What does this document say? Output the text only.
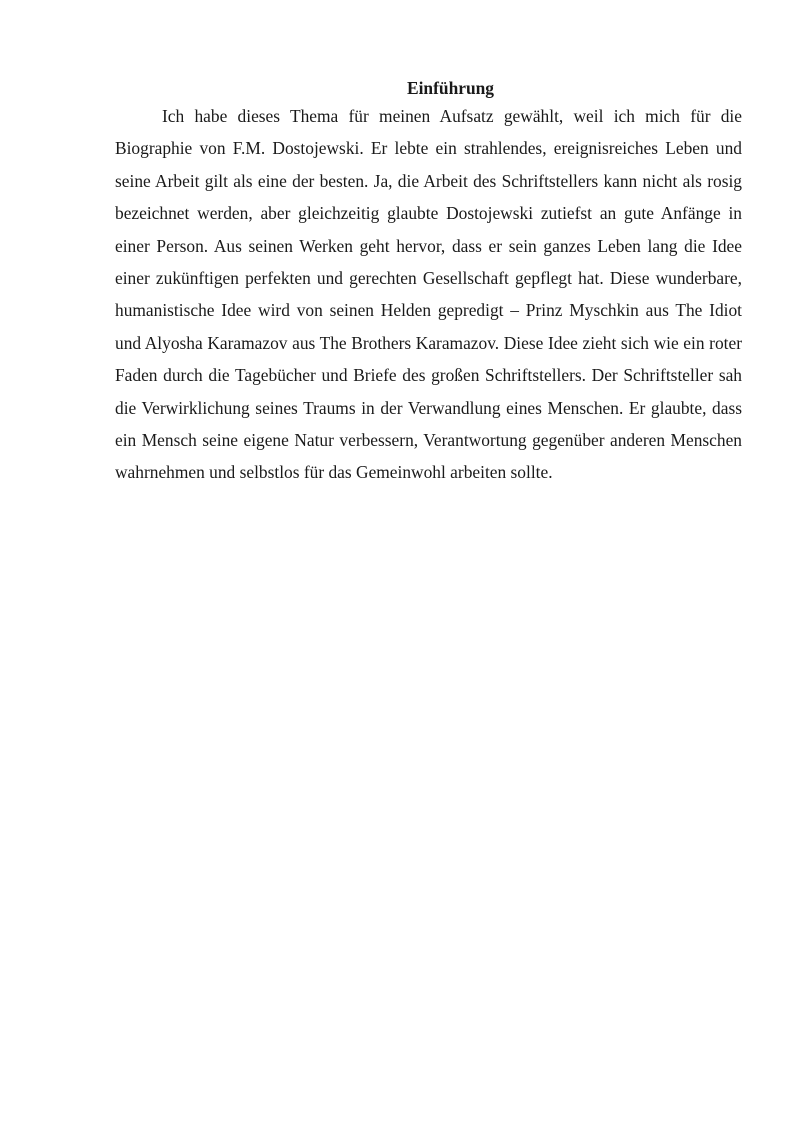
Einführung

Ich habe dieses Thema für meinen Aufsatz gewählt, weil ich mich für die Biographie von F.M. Dostojewski. Er lebte ein strahlendes, ereignisreiches Leben und seine Arbeit gilt als eine der besten. Ja, die Arbeit des Schriftstellers kann nicht als rosig bezeichnet werden, aber gleichzeitig glaubte Dostojewski zutiefst an gute Anfänge in einer Person. Aus seinen Werken geht hervor, dass er sein ganzes Leben lang die Idee einer zukünftigen perfekten und gerechten Gesellschaft gepflegt hat. Diese wunderbare, humanistische Idee wird von seinen Helden gepredigt – Prinz Myschkin aus The Idiot und Alyosha Karamazov aus The Brothers Karamazov. Diese Idee zieht sich wie ein roter Faden durch die Tagebücher und Briefe des großen Schriftstellers. Der Schriftsteller sah die Verwirklichung seines Traums in der Verwandlung eines Menschen. Er glaubte, dass ein Mensch seine eigene Natur verbessern, Verantwortung gegenüber anderen Menschen wahrnehmen und selbstlos für das Gemeinwohl arbeiten sollte.
